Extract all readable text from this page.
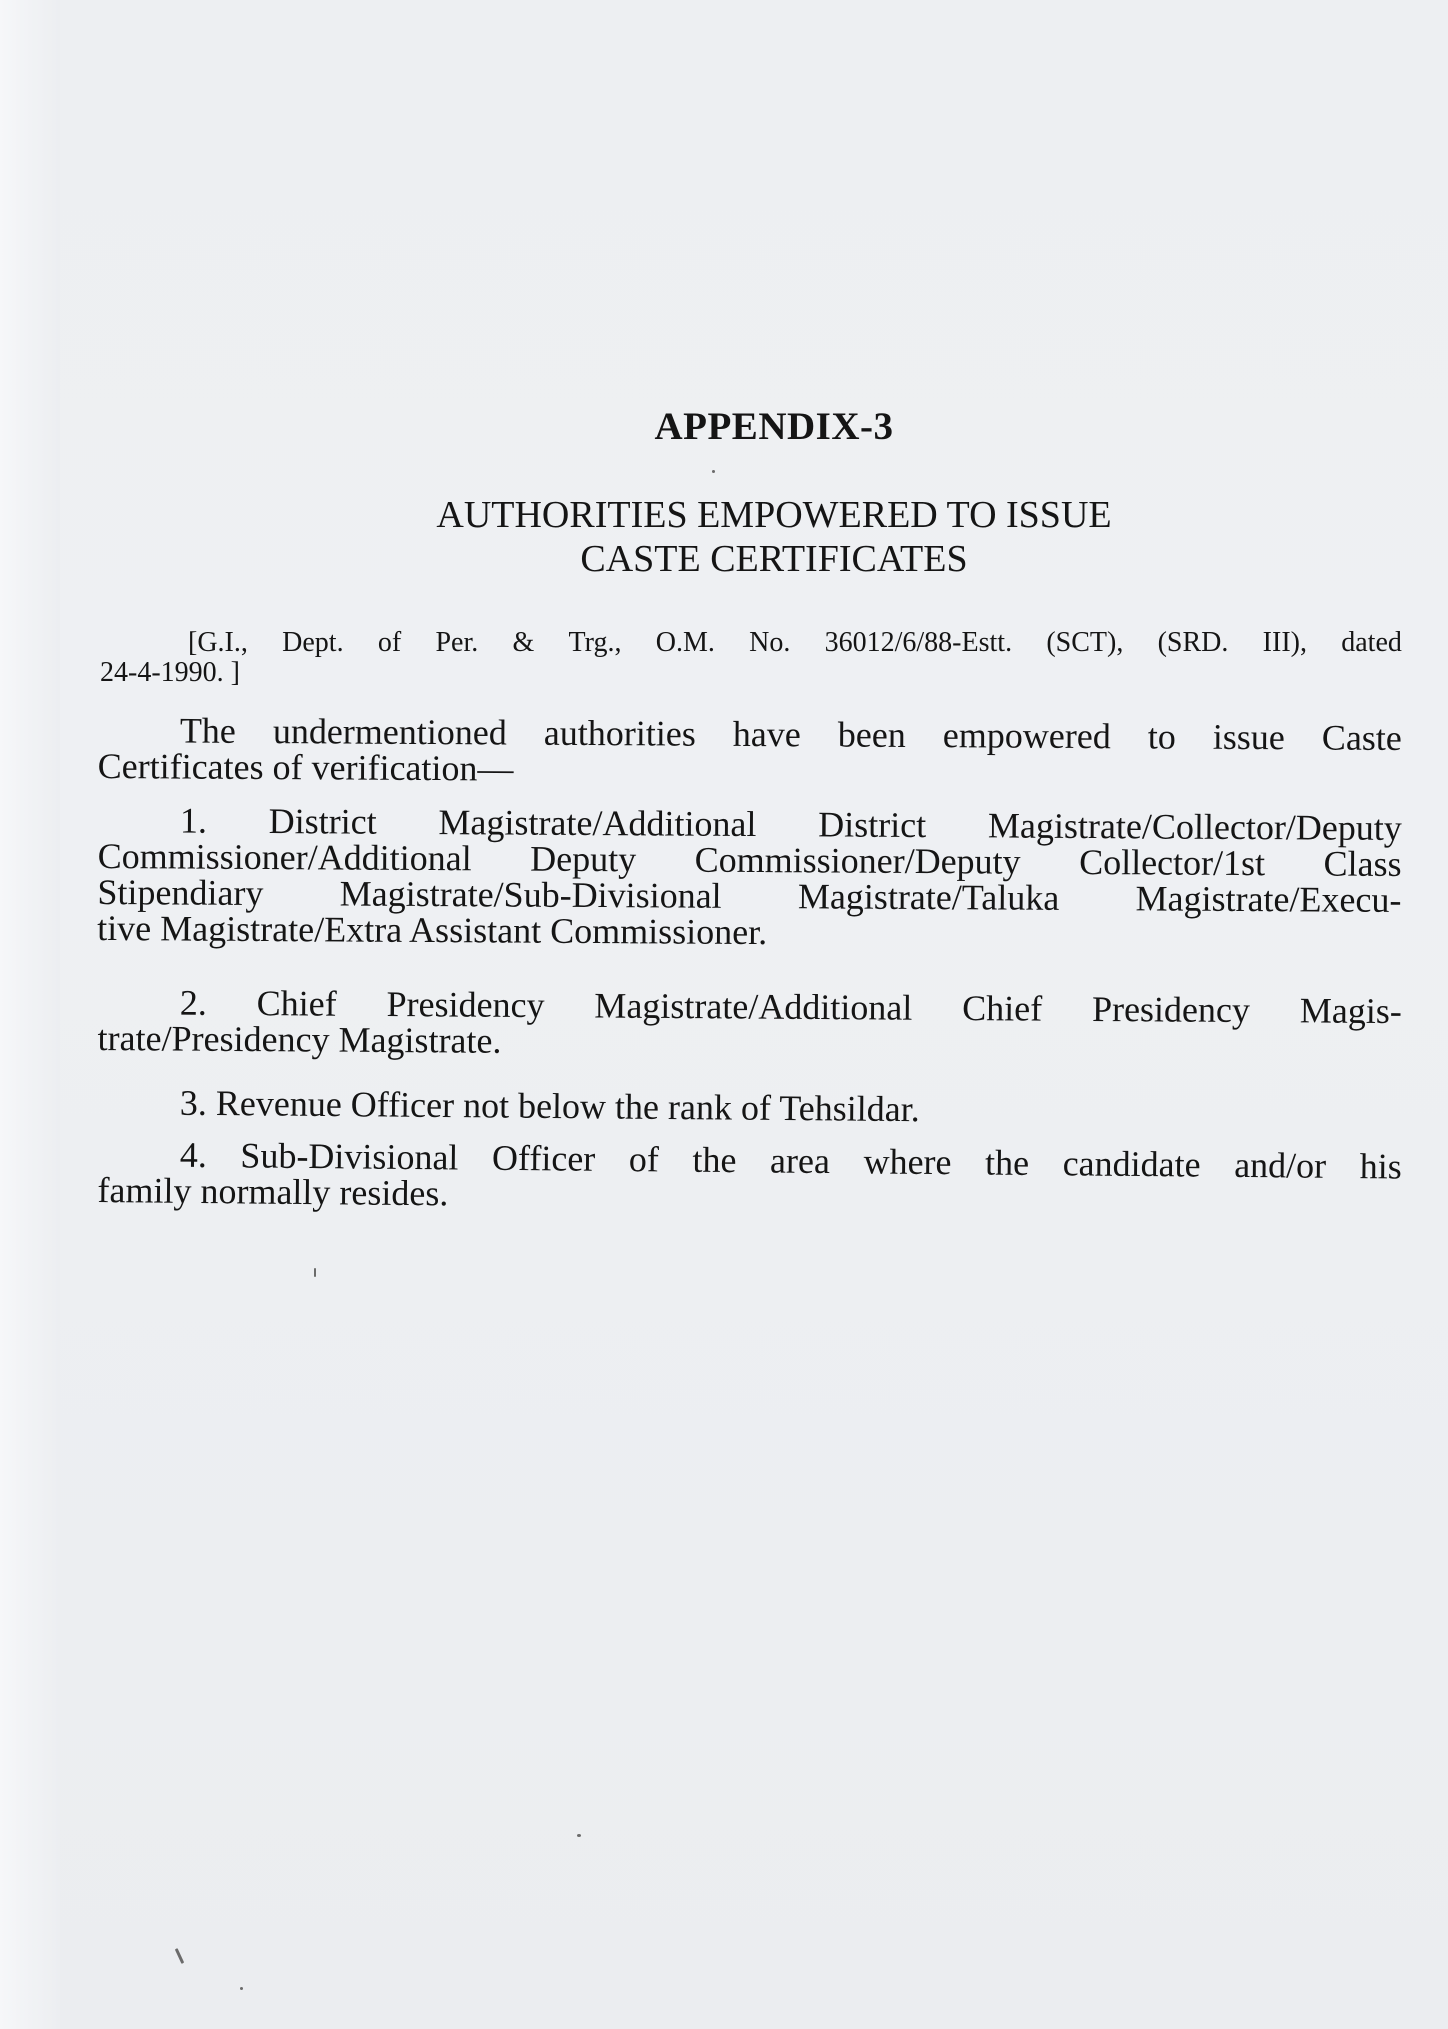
APPENDIX-3
AUTHORITIES EMPOWERED TO ISSUE
CASTE CERTIFICATES
[G.I., Dept. of Per. & Trg., O.M. No. 36012/6/88-Estt. (SCT), (SRD. III), dated
24-4-1990. ]
The undermentioned authorities have been empowered to issue Caste
Certificates of verification—
1. District Magistrate/Additional District Magistrate/Collector/Deputy
Commissioner/Additional Deputy Commissioner/Deputy Collector/1st Class
Stipendiary Magistrate/Sub-Divisional Magistrate/Taluka Magistrate/Execu-
tive Magistrate/Extra Assistant Commissioner.
2. Chief Presidency Magistrate/Additional Chief Presidency Magis-
trate/Presidency Magistrate.
3. Revenue Officer not below the rank of Tehsildar.
4. Sub-Divisional Officer of the area where the candidate and/or his
family normally resides.
